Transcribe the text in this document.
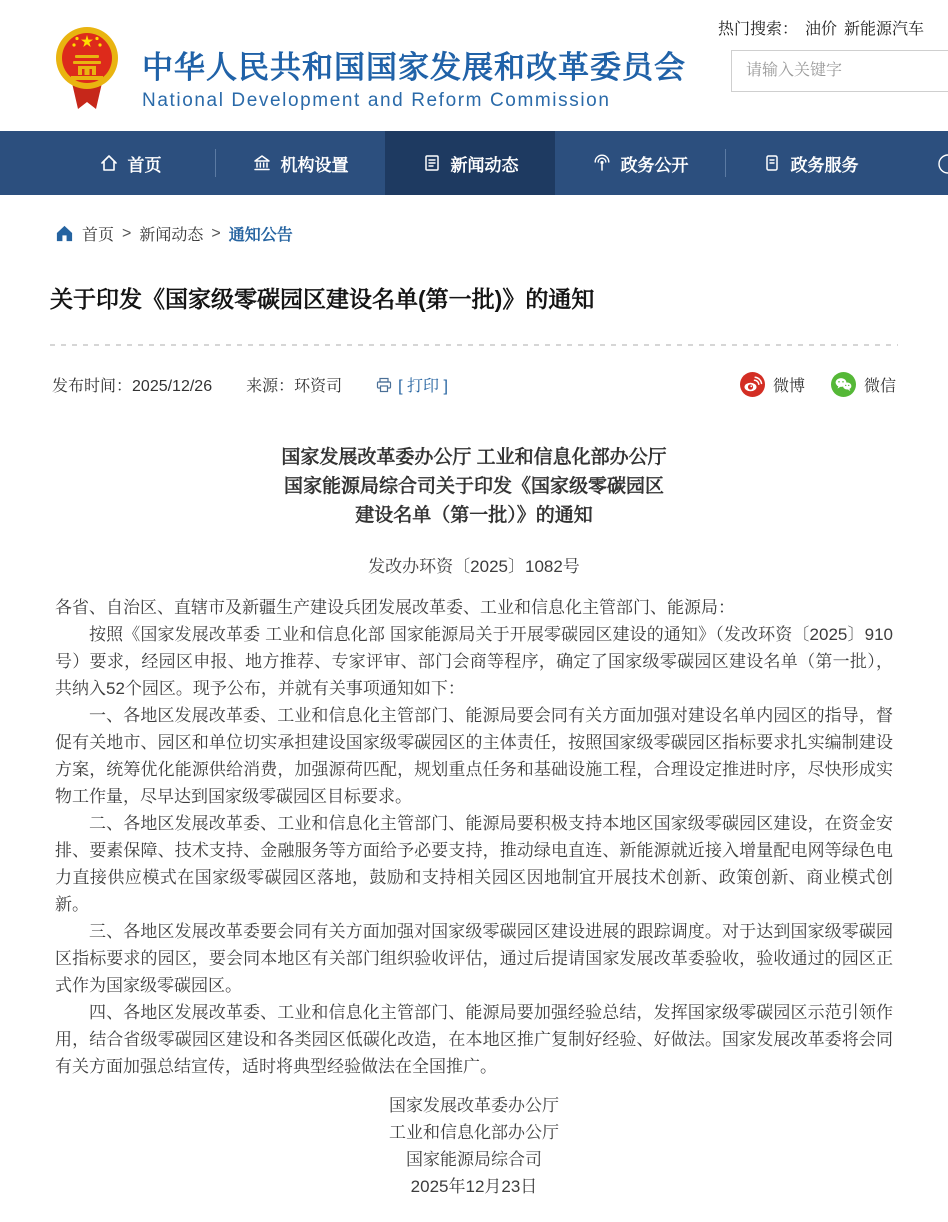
中华人民共和国国家发展和改革委员会
National Development and Reform Commission
热门搜索： 油价 新能源汽车
请输入关键字
首页	机构设置	新闻动态	政务公开	政务服务
首页 > 新闻动态 > 通知公告
关于印发《国家级零碳园区建设名单(第一批)》的通知
发布时间：2025/12/26 来源：环资司	[ 打印 ]	微博	微信
国家发展改革委办公厅 工业和信息化部办公厅
国家能源局综合司关于印发《国家级零碳园区
建设名单（第一批）》的通知
发改办环资〔2025〕1082号

各省、自治区、直辖市及新疆生产建设兵团发展改革委、工业和信息化主管部门、能源局：

按照《国家发展改革委 工业和信息化部 国家能源局关于开展零碳园区建设的通知》（发改环资〔2025〕910号）要求，经园区申报、地方推荐、专家评审、部门会商等程序，确定了国家级零碳园区建设名单（第一批），共纳入52个园区。现予公布，并就有关事项通知如下：

一、各地区发展改革委、工业和信息化主管部门、能源局要会同有关方面加强对建设名单内园区的指导，督促有关地市、园区和单位切实承担建设国家级零碳园区的主体责任，按照国家级零碳园区指标要求扎实编制建设方案，统筹优化能源供给消费，加强源荷匹配，规划重点任务和基础设施工程，合理设定推进时序，尽快形成实物工作量，尽早达到国家级零碳园区目标要求。

二、各地区发展改革委、工业和信息化主管部门、能源局要积极支持本地区国家级零碳园区建设，在资金安排、要素保障、技术支持、金融服务等方面给予必要支持，推动绿电直连、新能源就近接入增量配电网等绿色电力直接供应模式在国家级零碳园区落地，鼓励和支持相关园区因地制宜开展技术创新、政策创新、商业模式创新。

三、各地区发展改革委要会同有关方面加强对国家级零碳园区建设进展的跟踪调度。对于达到国家级零碳园区指标要求的园区，要会同本地区有关部门组织验收评估，通过后提请国家发展改革委验收，验收通过的园区正式作为国家级零碳园区。

四、各地区发展改革委、工业和信息化主管部门、能源局要加强经验总结，发挥国家级零碳园区示范引领作用，结合省级零碳园区建设和各类园区低碳化改造，在本地区推广复制好经验、好做法。国家发展改革委将会同有关方面加强总结宣传，适时将典型经验做法在全国推广。

国家发展改革委办公厅
工业和信息化部办公厅
国家能源局综合司
2025年12月23日
